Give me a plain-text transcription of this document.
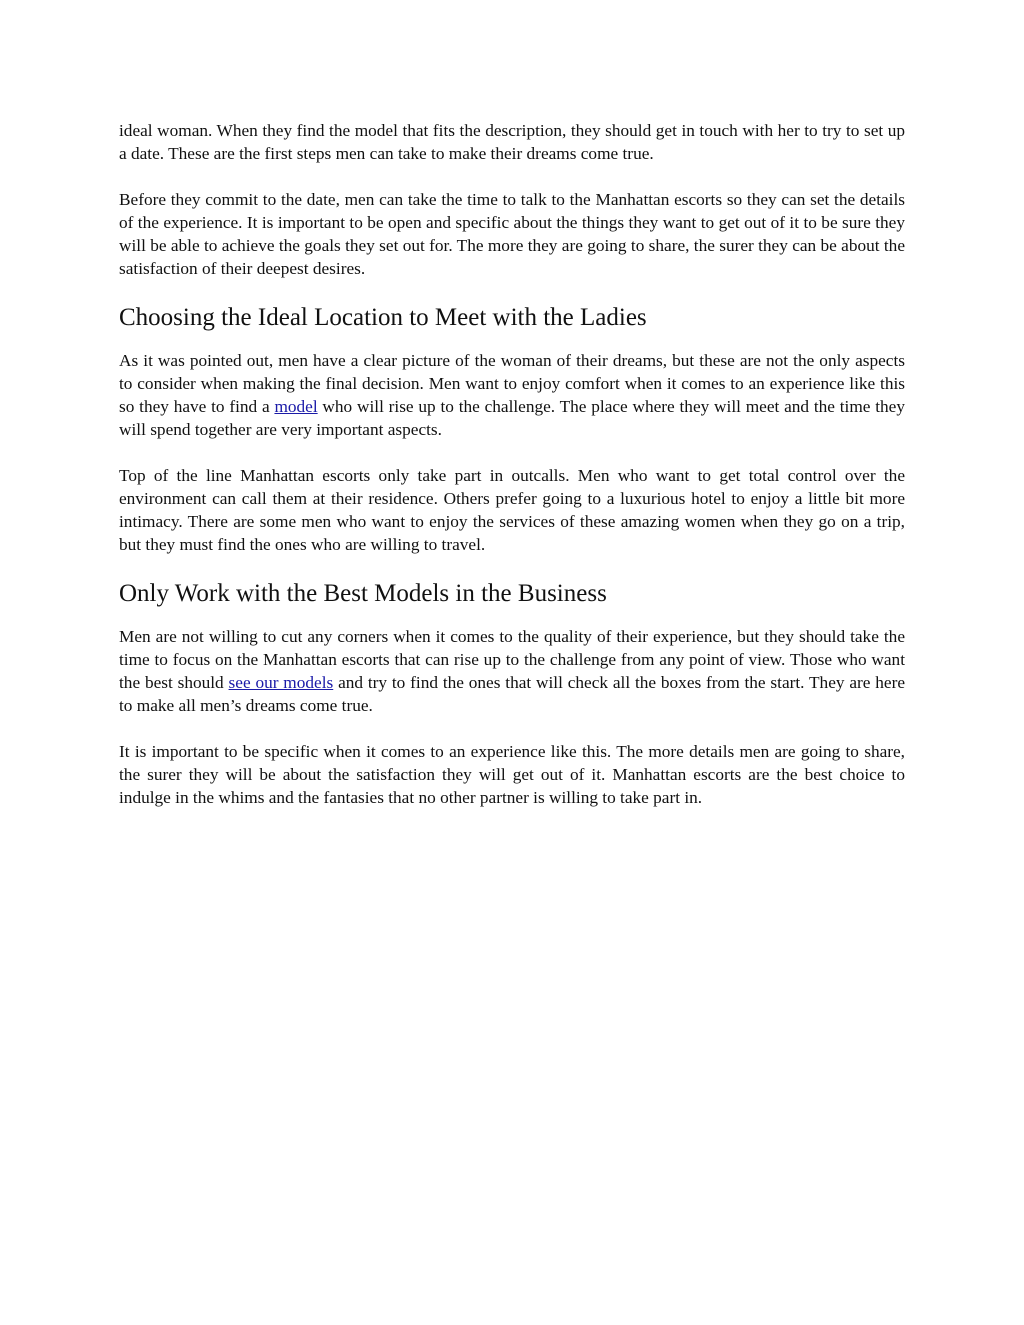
ideal woman. When they find the model that fits the description, they should get in touch with her to try to set up a date. These are the first steps men can take to make their dreams come true.

Before they commit to the date, men can take the time to talk to the Manhattan escorts so they can set the details of the experience. It is important to be open and specific about the things they want to get out of it to be sure they will be able to achieve the goals they set out for. The more they are going to share, the surer they can be about the satisfaction of their deepest desires.

Choosing the Ideal Location to Meet with the Ladies

As it was pointed out, men have a clear picture of the woman of their dreams, but these are not the only aspects to consider when making the final decision. Men want to enjoy comfort when it comes to an experience like this so they have to find a model who will rise up to the challenge. The place where they will meet and the time they will spend together are very important aspects.

Top of the line Manhattan escorts only take part in outcalls. Men who want to get total control over the environment can call them at their residence. Others prefer going to a luxurious hotel to enjoy a little bit more intimacy. There are some men who want to enjoy the services of these amazing women when they go on a trip, but they must find the ones who are willing to travel.

Only Work with the Best Models in the Business

Men are not willing to cut any corners when it comes to the quality of their experience, but they should take the time to focus on the Manhattan escorts that can rise up to the challenge from any point of view. Those who want the best should see our models and try to find the ones that will check all the boxes from the start. They are here to make all men’s dreams come true.

It is important to be specific when it comes to an experience like this. The more details men are going to share, the surer they will be about the satisfaction they will get out of it. Manhattan escorts are the best choice to indulge in the whims and the fantasies that no other partner is willing to take part in.
